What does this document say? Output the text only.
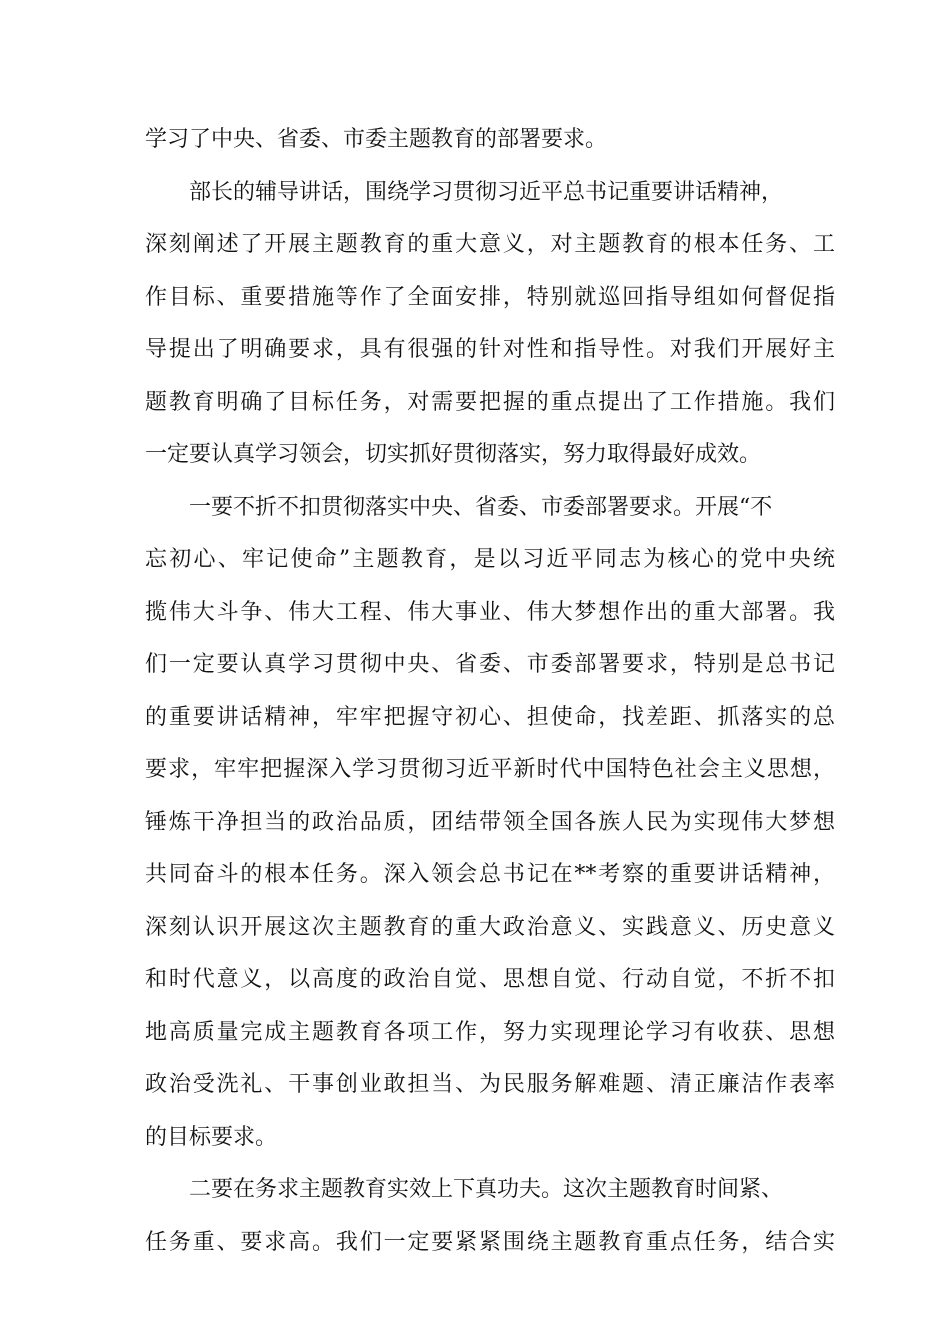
学习了中央、省委、市委主题教育的部署要求。
部长的辅导讲话，围绕学习贯彻习近平总书记重要讲话精神，
深刻阐述了开展主题教育的重大意义，对主题教育的根本任务、工
作目标、重要措施等作了全面安排，特别就巡回指导组如何督促指
导提出了明确要求，具有很强的针对性和指导性。对我们开展好主
题教育明确了目标任务，对需要把握的重点提出了工作措施。我们
一定要认真学习领会，切实抓好贯彻落实，努力取得最好成效。
一要不折不扣贯彻落实中央、省委、市委部署要求。开展“不
忘初心、牢记使命”主题教育，是以习近平同志为核心的党中央统
揽伟大斗争、伟大工程、伟大事业、伟大梦想作出的重大部署。我
们一定要认真学习贯彻中央、省委、市委部署要求，特别是总书记
的重要讲话精神，牢牢把握守初心、担使命，找差距、抓落实的总
要求，牢牢把握深入学习贯彻习近平新时代中国特色社会主义思想，
锤炼干净担当的政治品质，团结带领全国各族人民为实现伟大梦想
共同奋斗的根本任务。深入领会总书记在**考察的重要讲话精神，
深刻认识开展这次主题教育的重大政治意义、实践意义、历史意义
和时代意义，以高度的政治自觉、思想自觉、行动自觉，不折不扣
地高质量完成主题教育各项工作，努力实现理论学习有收获、思想
政治受洗礼、干事创业敢担当、为民服务解难题、清正廉洁作表率
的目标要求。
二要在务求主题教育实效上下真功夫。这次主题教育时间紧、
任务重、要求高。我们一定要紧紧围绕主题教育重点任务，结合实
